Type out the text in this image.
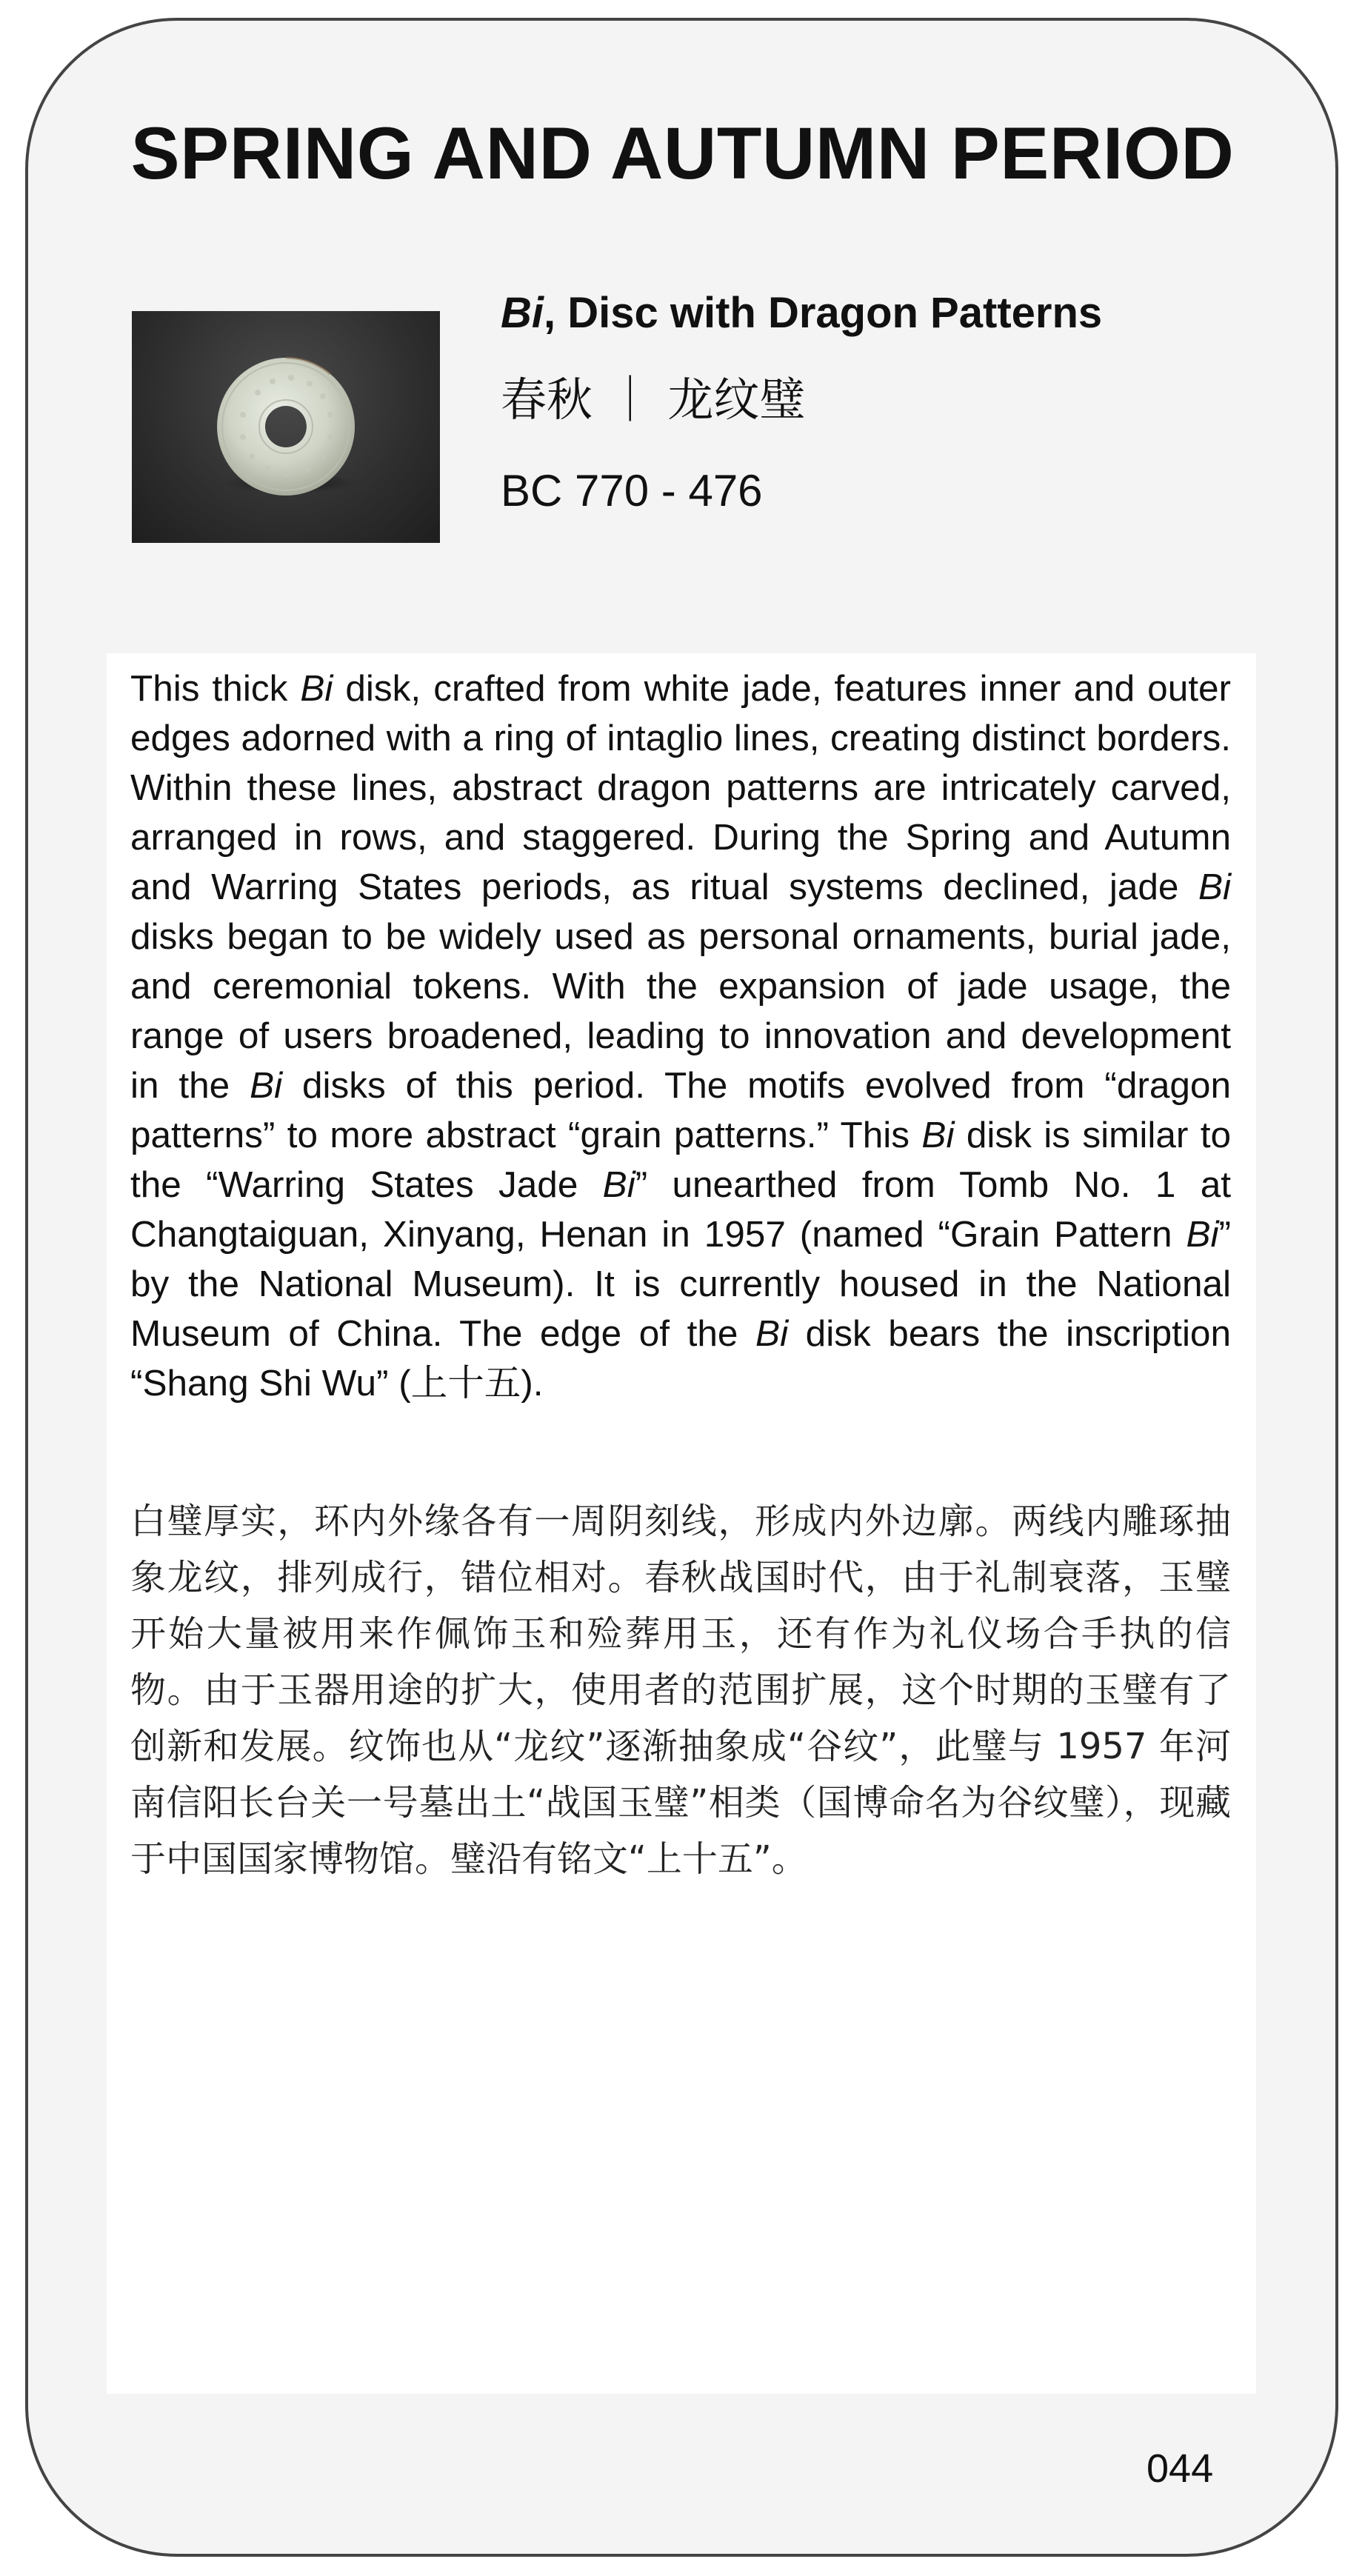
SPRING AND AUTUMN PERIOD
Bi, Disc with Dragon Patterns
春秋 ｜ 龙纹璧
BC 770 - 476

This thick Bi disk, crafted from white jade, features inner and outer edges adorned with a ring of intaglio lines, creating distinct borders. Within these lines, abstract dragon patterns are intricately carved, arranged in rows, and staggered. During the Spring and Autumn and Warring States periods, as ritual systems declined, jade Bi disks began to be widely used as personal ornaments, burial jade, and ceremonial tokens. With the expansion of jade usage, the range of users broadened, leading to innovation and development in the Bi disks of this period. The motifs evolved from “dragon patterns” to more abstract “grain patterns.” This Bi disk is similar to the “Warring States Jade Bi” unearthed from Tomb No. 1 at Changtaiguan, Xinyang, Henan in 1957 (named “Grain Pattern Bi” by the National Museum). It is currently housed in the National Museum of China. The edge of the Bi disk bears the inscription “Shang Shi Wu” (上十五).

白璧厚实，环内外缘各有一周阴刻线，形成内外边廓。两线内雕琢抽象龙纹，排列成行，错位相对。春秋战国时代，由于礼制衰落，玉璧开始大量被用来作佩饰玉和殓葬用玉，还有作为礼仪场合手执的信物。由于玉器用途的扩大，使用者的范围扩展，这个时期的玉璧有了创新和发展。纹饰也从“龙纹”逐渐抽象成“谷纹”，此璧与 1957 年河南信阳长台关一号墓出土“战国玉璧”相类（国博命名为谷纹璧），现藏于中国国家博物馆。璧沿有铭文“上十五”。

044
